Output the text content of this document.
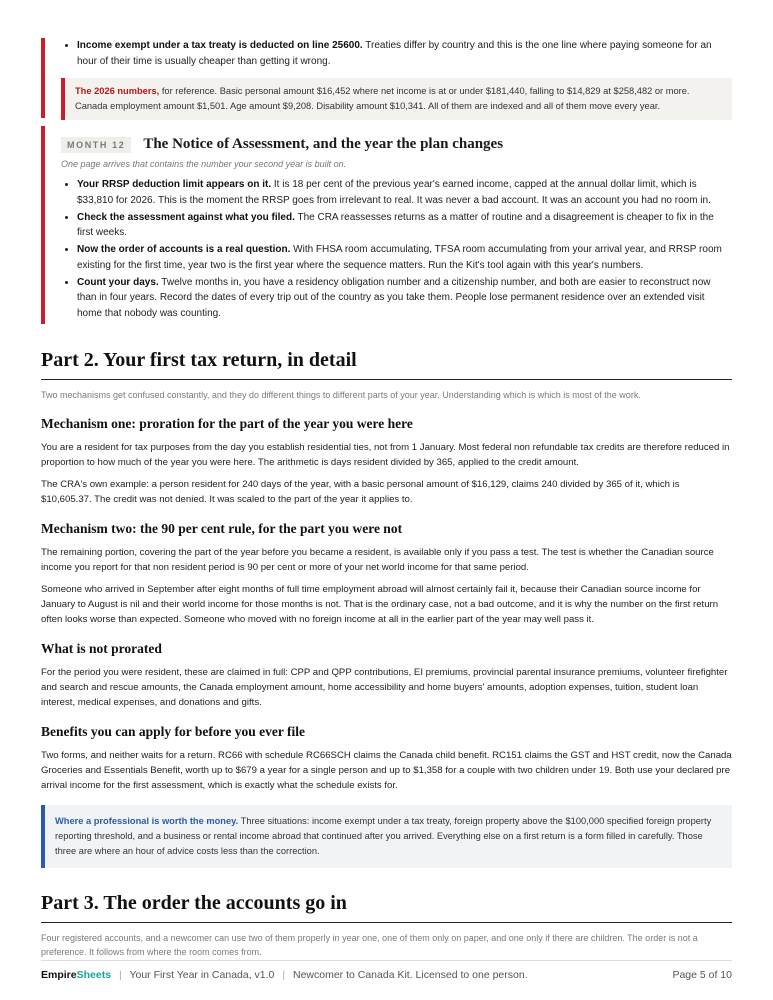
• Income exempt under a tax treaty is deducted on line 25600. Treaties differ by country and this is the one line where paying someone for an hour of their time is usually cheaper than getting it wrong.
The 2026 numbers, for reference. Basic personal amount $16,452 where net income is at or under $181,440, falling to $14,829 at $258,482 or more. Canada employment amount $1,501. Age amount $9,208. Disability amount $10,341. All of them are indexed and all of them move every year.
MONTH 12	The Notice of Assessment, and the year the plan changes
One page arrives that contains the number your second year is built on.
• Your RRSP deduction limit appears on it. It is 18 per cent of the previous year's earned income, capped at the annual dollar limit, which is $33,810 for 2026. This is the moment the RRSP goes from irrelevant to real. It was never a bad account. It was an account you had no room in.
• Check the assessment against what you filed. The CRA reassesses returns as a matter of routine and a disagreement is cheaper to fix in the first weeks.
• Now the order of accounts is a real question. With FHSA room accumulating, TFSA room accumulating from your arrival year, and RRSP room existing for the first time, year two is the first year where the sequence matters. Run the Kit's tool again with this year's numbers.
• Count your days. Twelve months in, you have a residency obligation number and a citizenship number, and both are easier to reconstruct now than in four years. Record the dates of every trip out of the country as you take them. People lose permanent residence over an extended visit home that nobody was counting.
Part 2. Your first tax return, in detail

Two mechanisms get confused constantly, and they do different things to different parts of your year. Understanding which is which is most of the work.

Mechanism one: proration for the part of the year you were here

You are a resident for tax purposes from the day you establish residential ties, not from 1 January. Most federal non refundable tax credits are therefore reduced in proportion to how much of the year you were here. The arithmetic is days resident divided by 365, applied to the credit amount.

The CRA's own example: a person resident for 240 days of the year, with a basic personal amount of $16,129, claims 240 divided by 365 of it, which is $10,605.37. The credit was not denied. It was scaled to the part of the year it applies to.

Mechanism two: the 90 per cent rule, for the part you were not

The remaining portion, covering the part of the year before you became a resident, is available only if you pass a test. The test is whether the Canadian source income you report for that non resident period is 90 per cent or more of your net world income for that same period.

Someone who arrived in September after eight months of full time employment abroad will almost certainly fail it, because their Canadian source income for January to August is nil and their world income for those months is not. That is the ordinary case, not a bad outcome, and it is why the number on the first return often looks worse than expected. Someone who moved with no foreign income at all in the earlier part of the year may well pass it.

What is not prorated

For the period you were resident, these are claimed in full: CPP and QPP contributions, EI premiums, provincial parental insurance premiums, volunteer firefighter and search and rescue amounts, the Canada employment amount, home accessibility and home buyers' amounts, adoption expenses, tuition, student loan interest, medical expenses, and donations and gifts.

Benefits you can apply for before you ever file

Two forms, and neither waits for a return. RC66 with schedule RC66SCH claims the Canada child benefit. RC151 claims the GST and HST credit, now the Canada Groceries and Essentials Benefit, worth up to $679 a year for a single person and up to $1,358 for a couple with two children under 19. Both use your declared pre arrival income for the first assessment, which is exactly what the schedule exists for.

Where a professional is worth the money. Three situations: income exempt under a tax treaty, foreign property above the $100,000 specified foreign property reporting threshold, and a business or rental income abroad that continued after you arrived. Everything else on a first return is a form filled in carefully. Those three are where an hour of advice costs less than the correction.
Part 3. The order the accounts go in

Four registered accounts, and a newcomer can use two of them properly in year one, one of them only on paper, and one only if there are children. The order is not a preference. It follows from where the room comes from.

EmpireSheets | Your First Year in Canada, v1.0 | Newcomer to Canada Kit. Licensed to one person.	Page 5 of 10
